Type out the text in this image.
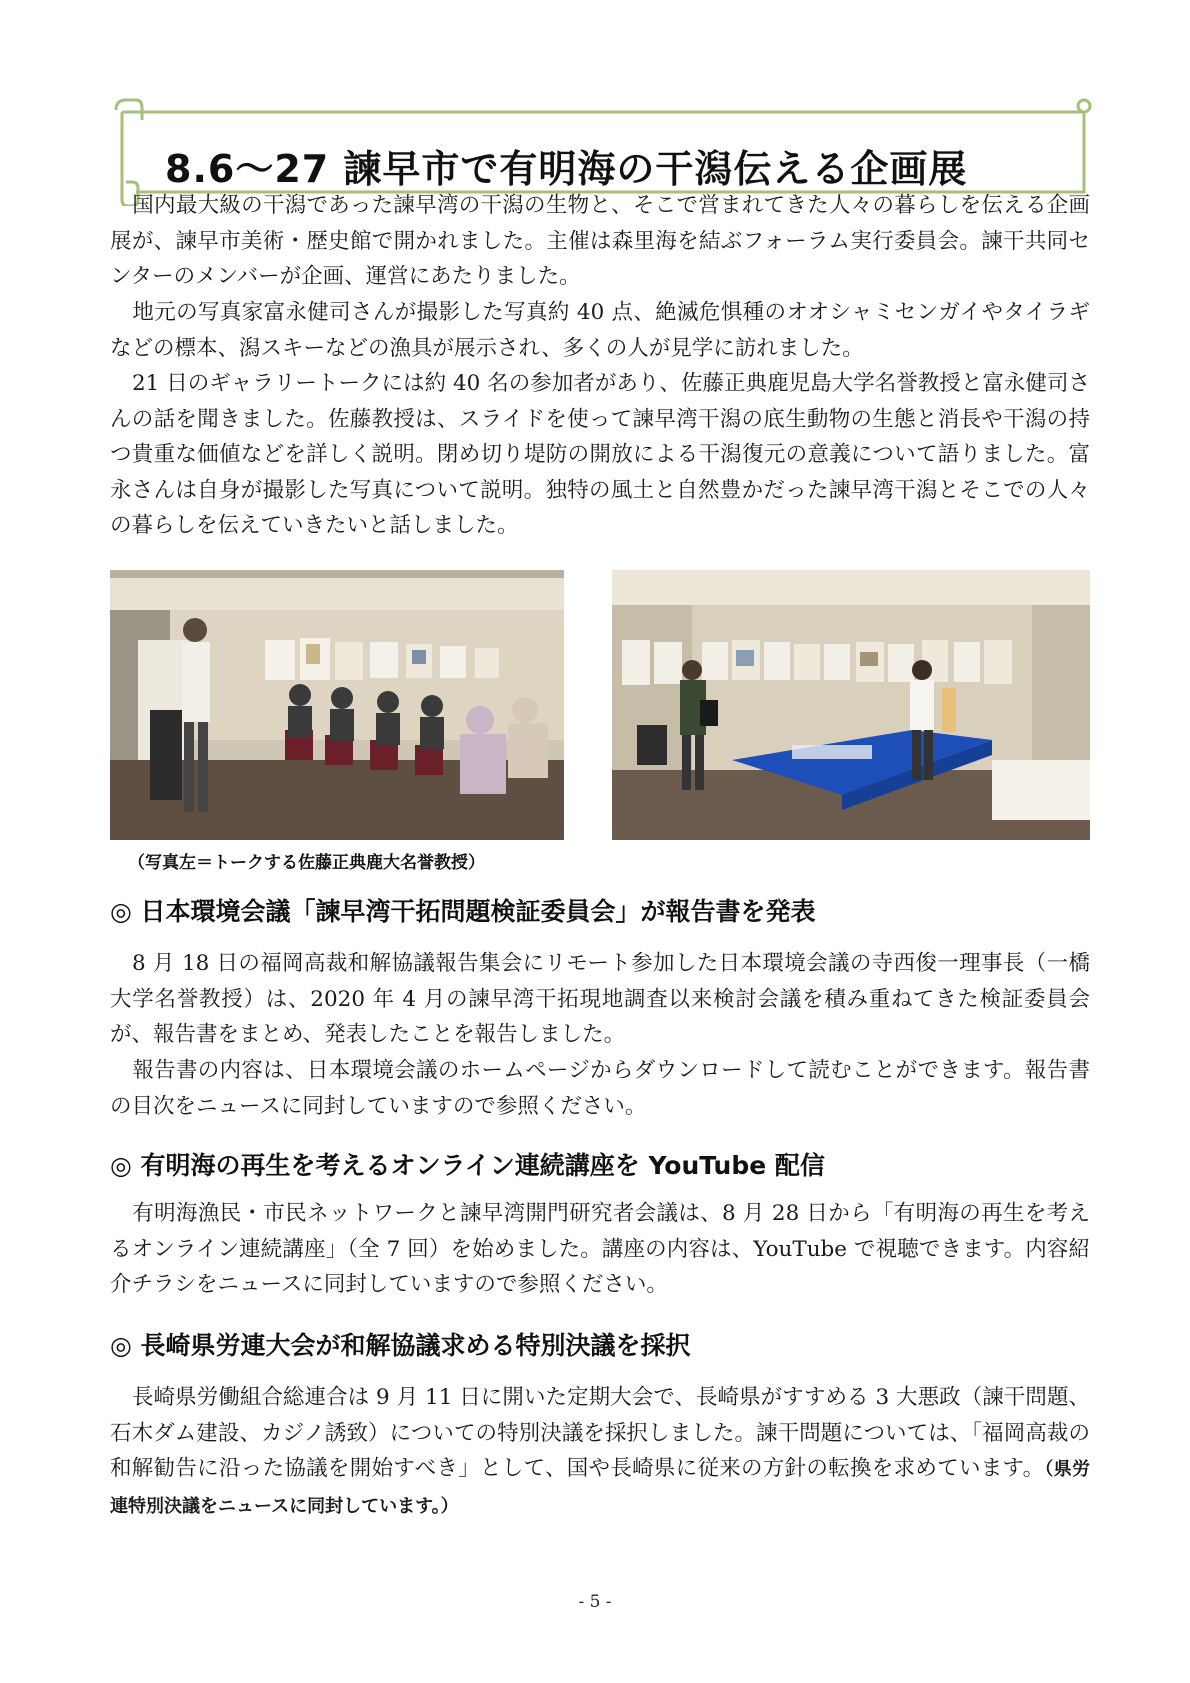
8.6～27 諫早市で有明海の干潟伝える企画展

国内最大級の干潟であった諫早湾の干潟の生物と、そこで営まれてきた人々の暮らしを伝える企画展が、諫早市美術・歴史館で開かれました。主催は森里海を結ぶフォーラム実行委員会。諫干共同センターのメンバーが企画、運営にあたりました。

地元の写真家富永健司さんが撮影した写真約 40 点、絶滅危惧種のオオシャミセンガイやタイラギなどの標本、潟スキーなどの漁具が展示され、多くの人が見学に訪れました。

21 日のギャラリートークには約 40 名の参加者があり、佐藤正典鹿児島大学名誉教授と富永健司さんの話を聞きました。佐藤教授は、スライドを使って諫早湾干潟の底生動物の生態と消長や干潟の持つ貴重な価値などを詳しく説明。閉め切り堤防の開放による干潟復元の意義について語りました。富永さんは自身が撮影した写真について説明。独特の風土と自然豊かだった諫早湾干潟とそこでの人々の暮らしを伝えていきたいと話しました。

（写真左＝トークする佐藤正典鹿大名誉教授）
◎ 日本環境会議「諫早湾干拓問題検証委員会」が報告書を発表

8 月 18 日の福岡高裁和解協議報告集会にリモート参加した日本環境会議の寺西俊一理事長（一橋大学名誉教授）は、2020 年 4 月の諫早湾干拓現地調査以来検討会議を積み重ねてきた検証委員会が、報告書をまとめ、発表したことを報告しました。

報告書の内容は、日本環境会議のホームページからダウンロードして読むことができます。報告書の目次をニュースに同封していますので参照ください。

◎ 有明海の再生を考えるオンライン連続講座を YouTube 配信

有明海漁民・市民ネットワークと諫早湾開門研究者会議は、8 月 28 日から「有明海の再生を考えるオンライン連続講座」（全 7 回）を始めました。講座の内容は、YouTube で視聴できます。内容紹介チラシをニュースに同封していますので参照ください。

◎ 長崎県労連大会が和解協議求める特別決議を採択

長崎県労働組合総連合は 9 月 11 日に開いた定期大会で、長崎県がすすめる 3 大悪政（諫干問題、石木ダム建設、カジノ誘致）についての特別決議を採択しました。諫干問題については、「福岡高裁の和解勧告に沿った協議を開始すべき」として、国や長崎県に従来の方針の転換を求めています。（県労連特別決議をニュースに同封しています。）

- 5 -
